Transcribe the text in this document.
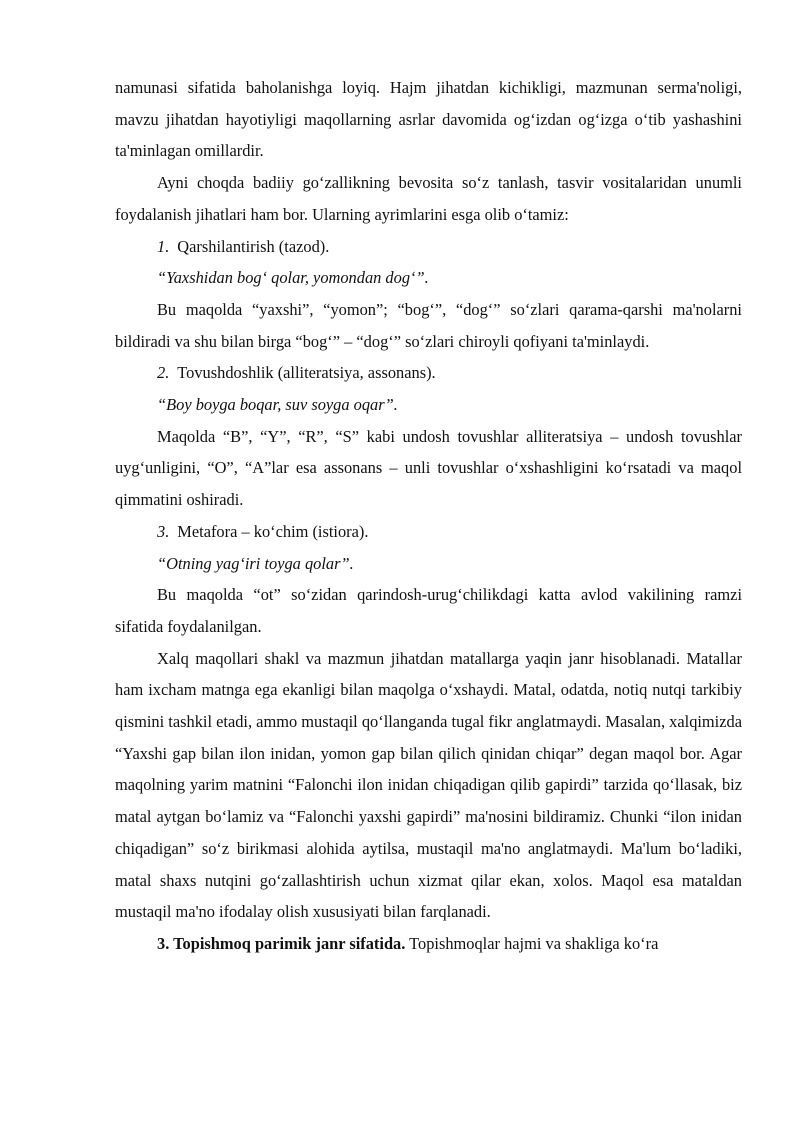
namunasi sifatida baholanishga loyiq. Hajm jihatdan kichikligi, mazmunan serma'noligi, mavzu jihatdan hayotiyligi maqollarning asrlar davomida og‘izdan og‘izga o‘tib yashashini ta'minlagan omillardir.

Ayni choqda badiiy go‘zallikning bevosita so‘z tanlash, tasvir vositalaridan unumli foydalanish jihatlari ham bor. Ularning ayrimlarini esga olib o‘tamiz:

1. Qarshilantirish (tazod).

“Yaxshidan bog‘ qolar, yomondan dog‘”.

Bu maqolda “yaxshi”, “yomon”; “bog‘”, “dog‘” so‘zlari qarama-qarshi ma'nolarni bildiradi va shu bilan birga “bog‘” – “dog‘” so‘zlari chiroyli qofiyani ta'minlaydi.

2. Tovushdoshlik (alliteratsiya, assonans).

“Boy boyga boqar, suv soyga oqar”.

Maqolda “B”, “Y”, “R”, “S” kabi undosh tovushlar alliteratsiya – undosh tovushlar uyg‘unligini, “O”, “A”lar esa assonans – unli tovushlar o‘xshashligini ko‘rsatadi va maqol qimmatini oshiradi.

3. Metafora – ko‘chim (istiora).

“Otning yag‘iri toyga qolar”.

Bu maqolda “ot” so‘zidan qarindosh-urug‘chilikdagi katta avlod vakilining ramzi sifatida foydalanilgan.

Xalq maqollari shakl va mazmun jihatdan matallarga yaqin janr hisoblanadi. Matallar ham ixcham matnga ega ekanligi bilan maqolga o‘xshaydi. Matal, odatda, notiq nutqi tarkibiy qismini tashkil etadi, ammo mustaqil qo‘llanganda tugal fikr anglatmaydi. Masalan, xalqimizda “Yaxshi gap bilan ilon inidan, yomon gap bilan qilich qinidan chiqar” degan maqol bor. Agar maqolning yarim matnini “Falonchi ilon inidan chiqadigan qilib gapirdi” tarzida qo‘llasak, biz matal aytgan bo‘lamiz va “Falonchi yaxshi gapirdi” ma'nosini bildiramiz. Chunki “ilon inidan chiqadigan” so‘z birikmasi alohida aytilsa, mustaqil ma'no anglatmaydi. Ma'lum bo‘ladiki, matal shaxs nutqini go‘zallashtirish uchun xizmat qilar ekan, xolos. Maqol esa mataldan mustaqil ma'no ifodalay olish xususiyati bilan farqlanadi.

3. Topishmoq parimik janr sifatida. Topishmoqlar hajmi va shakliga ko‘ra
